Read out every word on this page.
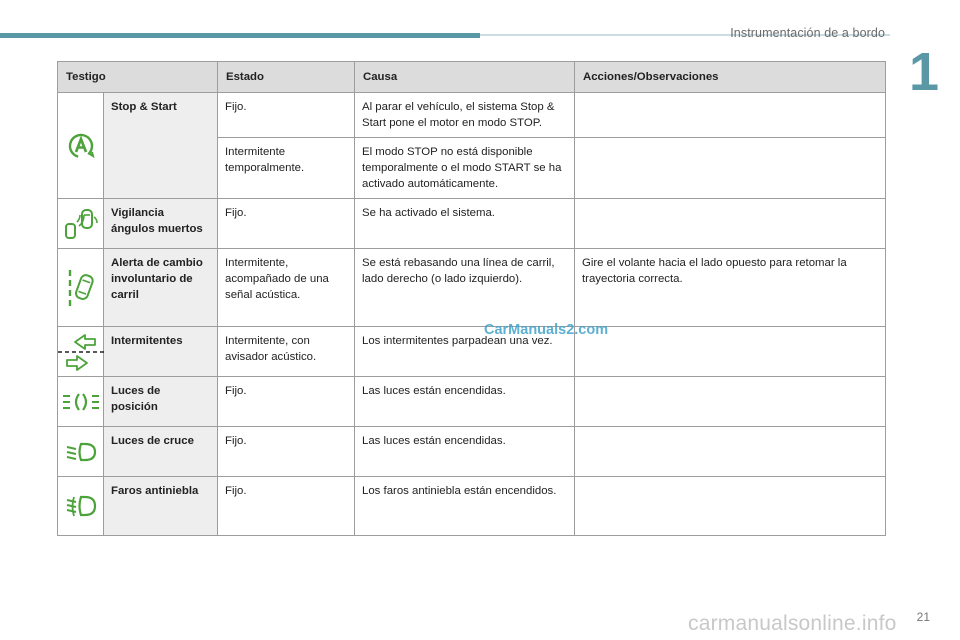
Instrumentación de a bordo
1
Testigo		Estado	Causa	Acciones/Observaciones

	Stop & Start	Fijo.	Al parar el vehículo, el sistema Stop & Start pone el motor en modo STOP.	
		Intermitente temporalmente.	El modo STOP no está disponible temporalmente o el modo START se ha activado automáticamente.	

	Vigilancia ángulos muertos	Fijo.	Se ha activado el sistema.	

	Alerta de cambio involuntario de carril	Intermitente, acompañado de una señal acústica.	Se está rebasando una línea de carril, lado derecho (o lado izquierdo).	Gire el volante hacia el lado opuesto para retomar la trayectoria correcta.

	Intermitentes	Intermitente, con avisador acústico.	Los intermitentes parpadean una vez.	

	Luces de posición	Fijo.	Las luces están encendidas.	

	Luces de cruce	Fijo.	Las luces están encendidas.	

	Faros antiniebla	Fijo.	Los faros antiniebla están encendidos.	
CarManuals2.com
carmanualsonline.info 21
